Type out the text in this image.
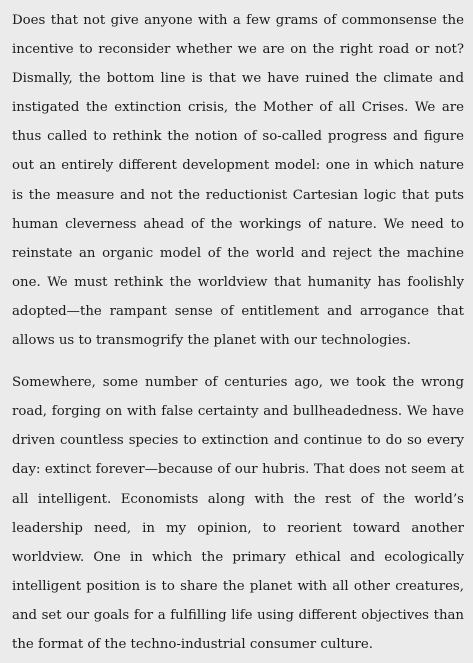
Does that not give anyone with a few grams of commonsense the incentive to reconsider whether we are on the right road or not? Dismally, the bottom line is that we have ruined the climate and instigated the extinction crisis, the Mother of all Crises. We are thus called to rethink the notion of so-called progress and figure out an entirely different development model: one in which nature is the measure and not the reductionist Cartesian logic that puts human cleverness ahead of the workings of nature. We need to reinstate an organic model of the world and reject the machine one. We must rethink the worldview that humanity has foolishly adopted—the rampant sense of entitlement and arrogance that allows us to transmogrify the planet with our technologies.

Somewhere, some number of centuries ago, we took the wrong road, forging on with false certainty and bullheadedness. We have driven countless species to extinction and continue to do so every day: extinct forever—because of our hubris. That does not seem at all intelligent. Economists along with the rest of the world’s leadership need, in my opinion, to reorient toward another worldview. One in which the primary ethical and ecologically intelligent position is to share the planet with all other creatures, and set our goals for a fulfilling life using different objectives than the format of the techno-industrial consumer culture.
